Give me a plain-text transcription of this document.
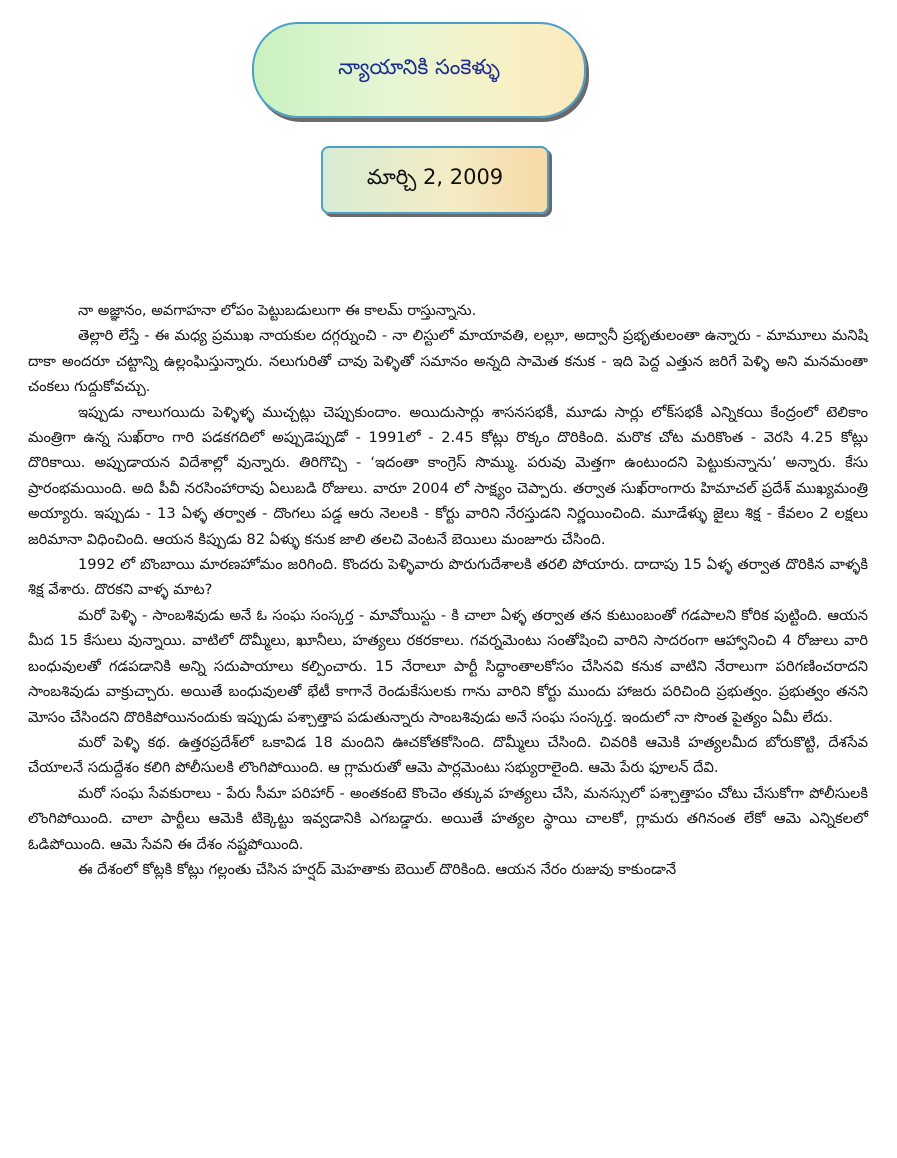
న్యాయానికి సంకెళ్ళు
మార్చి 2, 2009

నా అజ్ఞానం, అవగాహనా లోపం పెట్టుబడులుగా ఈ కాలమ్ రాస్తున్నాను.

తెల్లారి లేస్తే - ఈ మధ్య ప్రముఖ నాయకుల దగ్గర్నుంచి - నా లిస్టులో మాయావతి, లల్లూ, అద్వానీ ప్రభృతులంతా ఉన్నారు - మామూలు మనిషి దాకా అందరూ చట్టాన్ని ఉల్లంఘిస్తున్నారు. నలుగురితో చావు పెళ్ళితో సమానం అన్నది సామెత కనుక - ఇది పెద్ద ఎత్తున జరిగే పెళ్ళి అని మనమంతా చంకలు గుద్దుకోవచ్చు.

ఇప్పుడు నాలుగయిదు పెళ్ళిళ్ళ ముచ్చట్లు చెప్పుకుందాం. అయిదుసార్లు శాసనసభకీ, మూడు సార్లు లోక్‌సభకీ ఎన్నికయి కేంద్రంలో టెలికాం మంత్రిగా ఉన్న సుఖ్‌రాం గారి పడకగదిలో అప్పుడెప్పుడో - 1991లో - 2.45 కోట్లు రొక్కం దొరికింది. మరొక చోట మరికొంత - వెరసి 4.25 కోట్లు దొరికాయి. అప్పుడాయన విదేశాల్లో వున్నారు. తిరిగొచ్చి - ‘ఇదంతా కాంగ్రెస్ సొమ్ము. పరువు మెత్తగా ఉంటుందని పెట్టుకున్నాను’ అన్నారు. కేసు ప్రారంభమయింది. అది పీవీ నరసింహారావు ఏలుబడి రోజులు. వారూ 2004 లో సాక్ష్యం చెప్పారు. తర్వాత సుఖ్‌రాంగారు హిమాచల్ ప్రదేశ్ ముఖ్యమంత్రి అయ్యారు. ఇప్పుడు - 13 ఏళ్ళ తర్వాత - దొంగలు పడ్డ ఆరు నెలలకి - కోర్టు వారిని నేరస్తుడని నిర్ణయించింది. మూడేళ్ళు జైలు శిక్ష - కేవలం 2 లక్షలు జరిమానా విధించింది. ఆయన కిప్పుడు 82 ఏళ్ళు కనుక జాలి తలచి వెంటనే బెయిలు మంజూరు చేసింది.

1992 లో బొంబాయి మారణహోమం జరిగింది. కొందరు పెళ్ళివారు పొరుగుదేశాలకి తరలి పోయారు. దాదాపు 15 ఏళ్ళ తర్వాత దొరికిన వాళ్ళకి శిక్ష వేశారు. దొరకని వాళ్ళ మాట?

మరో పెళ్ళి - సాంబశివుడు అనే ఓ సంఘ సంస్కర్త - మావోయిస్టు - కి చాలా ఏళ్ళ తర్వాత తన కుటుంబంతో గడపాలని కోరిక పుట్టింది. ఆయన మీద 15 కేసులు వున్నాయి. వాటిలో దొమ్మీలు, ఖూనీలు, హత్యలు రకరకాలు. గవర్నమెంటు సంతోషించి వారిని సాదరంగా ఆహ్వానించి 4 రోజులు వారి బంధువులతో గడపడానికి అన్ని సదుపాయాలు కల్పించారు. 15 నేరాలూ పార్టీ సిద్ధాంతాలకోసం చేసినవి కనుక వాటిని నేరాలుగా పరిగణించరాదని సాంబశివుడు వాక్రుచ్చారు. అయితే బంధువులతో భేటీ కాగానే రెండుకేసులకు గాను వారిని కోర్టు ముందు హాజరు పరిచింది ప్రభుత్వం. ప్రభుత్వం తనని మోసం చేసిందని దొరికిపోయినందుకు ఇప్పుడు పశ్చాత్తాప పడుతున్నారు సాంబశివుడు అనే సంఘ సంస్కర్త. ఇందులో నా సొంత పైత్యం ఏమీ లేదు.

మరో పెళ్ళి కథ. ఉత్తరప్రదేశ్‌లో ఒకావిడ 18 మందిని ఊచకోతకోసింది. దొమ్మీలు చేసింది. చివరికి ఆమెకి హత్యలమీద బోరుకొట్టి, దేశసేవ చేయాలనే సదుద్దేశం కలిగి పోలీసులకి లొంగిపోయింది. ఆ గ్లామరుతో ఆమె పార్లమెంటు సభ్యురాలైంది. ఆమె పేరు ఫూలన్ దేవి.

మరో సంఘ సేవకురాలు - పేరు సీమా పరిహార్ - అంతకంటె కొంచెం తక్కువ హత్యలు చేసి, మనస్సులో పశ్చాత్తాపం చోటు చేసుకోగా పోలీసులకి లొంగిపోయింది. చాలా పార్టీలు ఆమెకి టిక్కెట్టు ఇవ్వడానికి ఎగబడ్డారు. అయితే హత్యల స్థాయి చాలకో, గ్లామరు తగినంత లేకో ఆమె ఎన్నికలలో ఓడిపోయింది. ఆమె సేవని ఈ దేశం నష్టపోయింది.

ఈ దేశంలో కోట్లకి కోట్లు గల్లంతు చేసిన హర్షద్ మెహతాకు బెయిల్ దొరికింది. ఆయన నేరం రుజువు కాకుండానే
